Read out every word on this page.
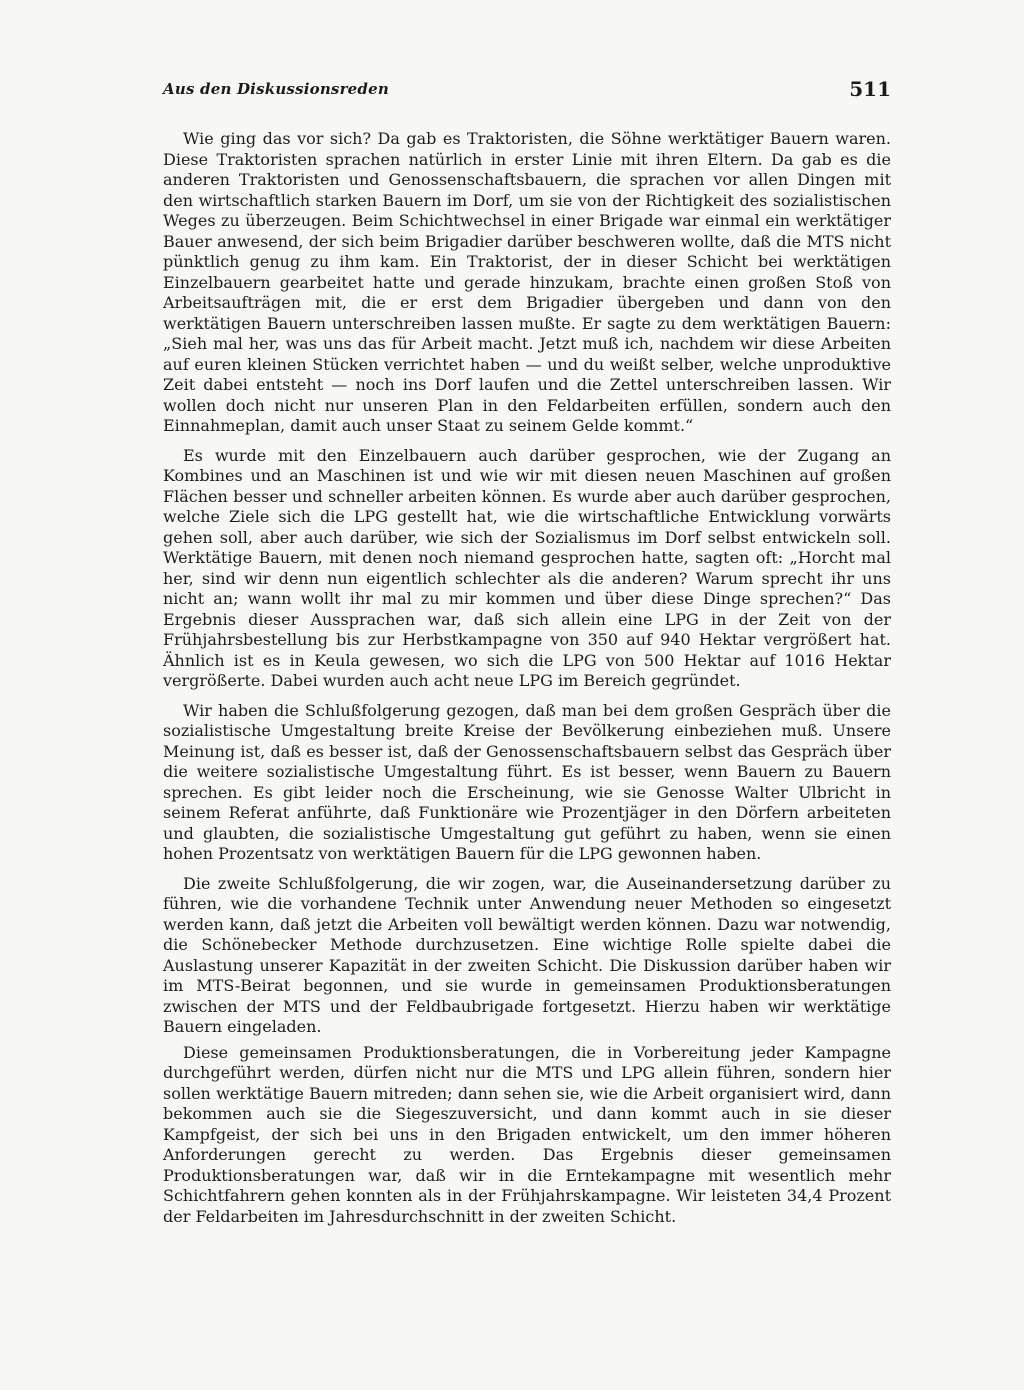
Aus den Diskussionsreden	511

Wie ging das vor sich? Da gab es Traktoristen, die Söhne werktätiger Bauern waren. Diese Traktoristen sprachen natürlich in erster Linie mit ihren Eltern. Da gab es die anderen Traktoristen und Genossenschaftsbauern, die sprachen vor allen Dingen mit den wirtschaftlich starken Bauern im Dorf, um sie von der Richtigkeit des sozialistischen Weges zu überzeugen. Beim Schichtwechsel in einer Brigade war einmal ein werktätiger Bauer anwesend, der sich beim Brigadier darüber beschweren wollte, daß die MTS nicht pünktlich genug zu ihm kam. Ein Traktorist, der in dieser Schicht bei werktätigen Einzelbauern gearbeitet hatte und gerade hinzukam, brachte einen großen Stoß von Arbeitsaufträgen mit, die er erst dem Brigadier übergeben und dann von den werktätigen Bauern unterschreiben lassen mußte. Er sagte zu dem werktätigen Bauern: „Sieh mal her, was uns das für Arbeit macht. Jetzt muß ich, nachdem wir diese Arbeiten auf euren kleinen Stücken verrichtet haben — und du weißt selber, welche unproduktive Zeit dabei entsteht — noch ins Dorf laufen und die Zettel unterschreiben lassen. Wir wollen doch nicht nur unseren Plan in den Feldarbeiten erfüllen, sondern auch den Einnahmeplan, damit auch unser Staat zu seinem Gelde kommt.“

Es wurde mit den Einzelbauern auch darüber gesprochen, wie der Zugang an Kombines und an Maschinen ist und wie wir mit diesen neuen Maschinen auf großen Flächen besser und schneller arbeiten können. Es wurde aber auch darüber gesprochen, welche Ziele sich die LPG gestellt hat, wie die wirtschaftliche Entwicklung vorwärts gehen soll, aber auch darüber, wie sich der Sozialismus im Dorf selbst entwickeln soll. Werktätige Bauern, mit denen noch niemand gesprochen hatte, sagten oft: „Horcht mal her, sind wir denn nun eigentlich schlechter als die anderen? Warum sprecht ihr uns nicht an; wann wollt ihr mal zu mir kommen und über diese Dinge sprechen?“ Das Ergebnis dieser Aussprachen war, daß sich allein eine LPG in der Zeit von der Frühjahrsbestellung bis zur Herbstkampagne von 350 auf 940 Hektar vergrößert hat. Ähnlich ist es in Keula gewesen, wo sich die LPG von 500 Hektar auf 1016 Hektar vergrößerte. Dabei wurden auch acht neue LPG im Bereich gegründet.

Wir haben die Schlußfolgerung gezogen, daß man bei dem großen Gespräch über die sozialistische Umgestaltung breite Kreise der Bevölkerung einbeziehen muß. Unsere Meinung ist, daß es besser ist, daß der Genossenschaftsbauern selbst das Gespräch über die weitere sozialistische Umgestaltung führt. Es ist besser, wenn Bauern zu Bauern sprechen. Es gibt leider noch die Erscheinung, wie sie Genosse Walter Ulbricht in seinem Referat anführte, daß Funktionäre wie Prozentjäger in den Dörfern arbeiteten und glaubten, die sozialistische Umgestaltung gut geführt zu haben, wenn sie einen hohen Prozentsatz von werktätigen Bauern für die LPG gewonnen haben.

Die zweite Schlußfolgerung, die wir zogen, war, die Auseinandersetzung darüber zu führen, wie die vorhandene Technik unter Anwendung neuer Methoden so eingesetzt werden kann, daß jetzt die Arbeiten voll bewältigt werden können. Dazu war notwendig, die Schönebecker Methode durchzusetzen. Eine wichtige Rolle spielte dabei die Auslastung unserer Kapazität in der zweiten Schicht. Die Diskussion darüber haben wir im MTS-Beirat begonnen, und sie wurde in gemeinsamen Produktionsberatungen zwischen der MTS und der Feldbaubrigade fortgesetzt. Hierzu haben wir werktätige Bauern eingeladen.

Diese gemeinsamen Produktionsberatungen, die in Vorbereitung jeder Kampagne durchgeführt werden, dürfen nicht nur die MTS und LPG allein führen, sondern hier sollen werktätige Bauern mitreden; dann sehen sie, wie die Arbeit organisiert wird, dann bekommen auch sie die Siegeszuversicht, und dann kommt auch in sie dieser Kampfgeist, der sich bei uns in den Brigaden entwickelt, um den immer höheren Anforderungen gerecht zu werden. Das Ergebnis dieser gemeinsamen Produktionsberatungen war, daß wir in die Erntekampagne mit wesentlich mehr Schichtfahrern gehen konnten als in der Frühjahrskampagne. Wir leisteten 34,4 Prozent der Feldarbeiten im Jahresdurchschnitt in der zweiten Schicht.
